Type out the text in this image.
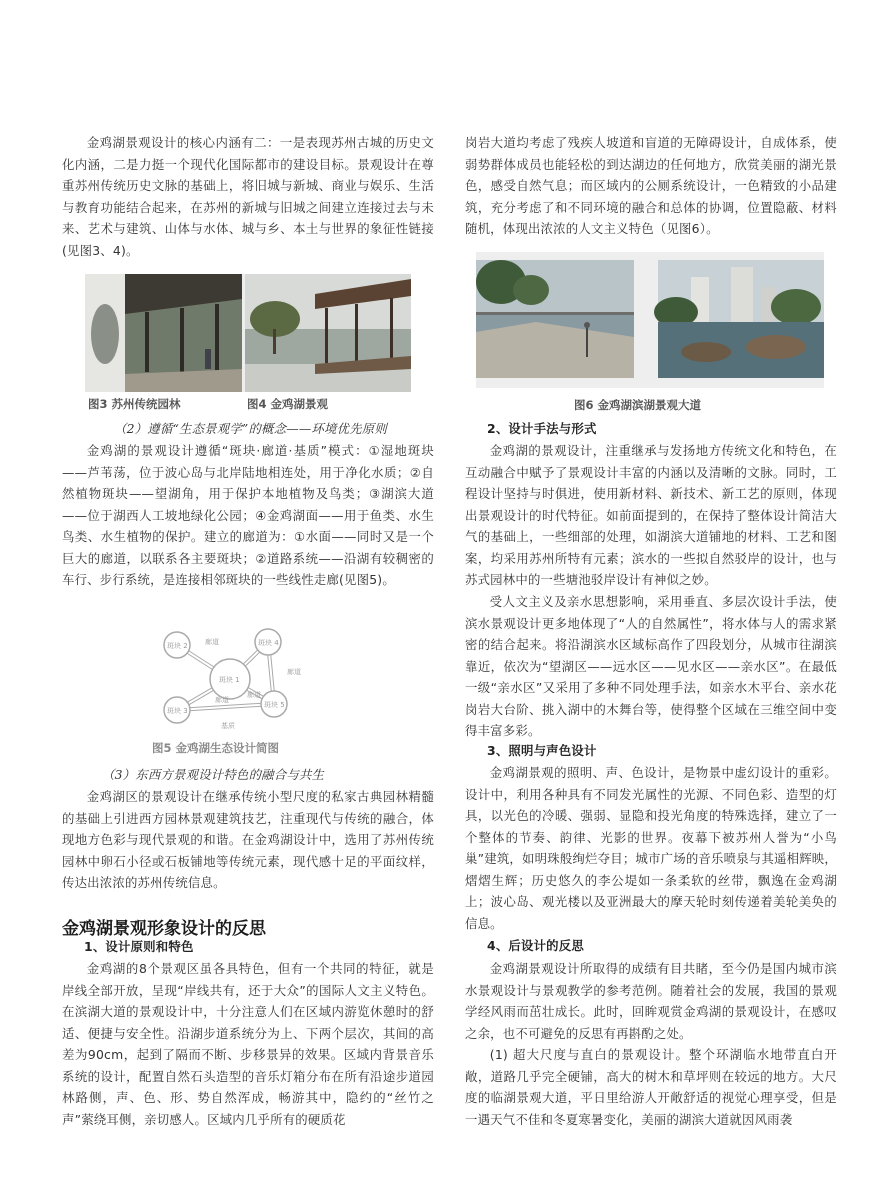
金鸡湖景观设计的核心内涵有二：一是表现苏州古城的历史文化内涵，二是力挺一个现代化国际都市的建设目标。景观设计在尊重苏州传统历史文脉的基础上，将旧城与新城、商业与娱乐、生活与教育功能结合起来，在苏州的新城与旧城之间建立连接过去与未来、艺术与建筑、山体与水体、城与乡、本土与世界的象征性链接(见图3、4)。

图3 苏州传统园林	图4 金鸡湖景观

（2）遵循“生态景观学”的概念——环境优先原则

金鸡湖的景观设计遵循“斑块·廊道·基质”模式：①湿地斑块——芦苇荡，位于波心岛与北岸陆地相连处，用于净化水质；②自然植物斑块——望湖角，用于保护本地植物及鸟类；③湖滨大道——位于湖西人工坡地绿化公园；④金鸡湖面——用于鱼类、水生鸟类、水生植物的保护。建立的廊道为：①水面——同时又是一个巨大的廊道，以联系各主要斑块；②道路系统——沿湖有较稠密的车行、步行系统，是连接相邻斑块的一些线性走廊(见图5)。

斑块 2	斑块 4
斑块 1
斑块 3
斑块 5
廊道
廊道
廊道
廊道
基质
图5 金鸡湖生态设计简图

（3）东西方景观设计特色的融合与共生

金鸡湖区的景观设计在继承传统小型尺度的私家古典园林精髓的基础上引进西方园林景观建筑技艺，注重现代与传统的融合，体现地方色彩与现代景观的和谐。在金鸡湖设计中，选用了苏州传统园林中卵石小径或石板铺地等传统元素，现代感十足的平面纹样，传达出浓浓的苏州传统信息。

金鸡湖景观形象设计的反思

1、设计原则和特色

金鸡湖的8个景观区虽各具特色，但有一个共同的特征，就是岸线全部开放，呈现“岸线共有，还于大众”的国际人文主义特色。在滨湖大道的景观设计中，十分注意人们在区域内游览休憩时的舒适、便捷与安全性。沿湖步道系统分为上、下两个层次，其间的高差为90cm，起到了隔而不断、步移景异的效果。区域内背景音乐系统的设计，配置自然石头造型的音乐灯箱分布在所有沿途步道园林路侧，声、色、形、势自然浑成，畅游其中，隐约的“丝竹之声”萦绕耳侧，亲切感人。区域内几乎所有的硬质花

岗岩大道均考虑了残疾人坡道和盲道的无障碍设计，自成体系，使弱势群体成员也能轻松的到达湖边的任何地方，欣赏美丽的湖光景色，感受自然气息；而区域内的公厕系统设计，一色精致的小品建筑，充分考虑了和不同环境的融合和总体的协调，位置隐蔽、材料随机，体现出浓浓的人文主义特色（见图6）。

图6 金鸡湖滨湖景观大道

2、设计手法与形式

金鸡湖的景观设计，注重继承与发扬地方传统文化和特色，在互动融合中赋予了景观设计丰富的内涵以及清晰的文脉。同时，工程设计坚持与时俱进，使用新材料、新技术、新工艺的原则，体现出景观设计的时代特征。如前面提到的，在保持了整体设计简洁大气的基础上，一些细部的处理，如湖滨大道铺地的材料、工艺和图案，均采用苏州所特有元素；滨水的一些拟自然驳岸的设计，也与苏式园林中的一些塘池驳岸设计有神似之妙。

受人文主义及亲水思想影响，采用垂直、多层次设计手法，使滨水景观设计更多地体现了“人的自然属性”，将水体与人的需求紧密的结合起来。将沿湖滨水区域标高作了四段划分，从城市往湖滨靠近，依次为“望湖区——远水区——见水区——亲水区”。在最低一级“亲水区”又采用了多种不同处理手法，如亲水木平台、亲水花岗岩大台阶、挑入湖中的木舞台等，使得整个区域在三维空间中变得丰富多彩。

3、照明与声色设计

金鸡湖景观的照明、声、色设计，是物景中虚幻设计的重彩。设计中，利用各种具有不同发光属性的光源、不同色彩、造型的灯具，以光色的冷暖、强弱、显隐和投光角度的特殊选择，建立了一个整体的节奏、韵律、光影的世界。夜幕下被苏州人誉为“小鸟巢”建筑，如明珠般绚烂夺目；城市广场的音乐喷泉与其遥相辉映，熠熠生辉；历史悠久的李公堤如一条柔软的丝带，飘逸在金鸡湖上；波心岛、观光楼以及亚洲最大的摩天轮时刻传递着美轮美奂的信息。

4、后设计的反思

金鸡湖景观设计所取得的成绩有目共睹，至今仍是国内城市滨水景观设计与景观教学的参考范例。随着社会的发展，我国的景观学经风雨而茁壮成长。此时，回眸观赏金鸡湖的景观设计，在感叹之余，也不可避免的反思有再斟酌之处。

(1) 超大尺度与直白的景观设计。整个环湖临水地带直白开敞，道路几乎完全硬铺，高大的树木和草坪则在较远的地方。大尺度的临湖景观大道，平日里给游人开敞舒适的视觉心理享受，但是一遇天气不佳和冬夏寒暑变化，美丽的湖滨大道就因风雨袭
